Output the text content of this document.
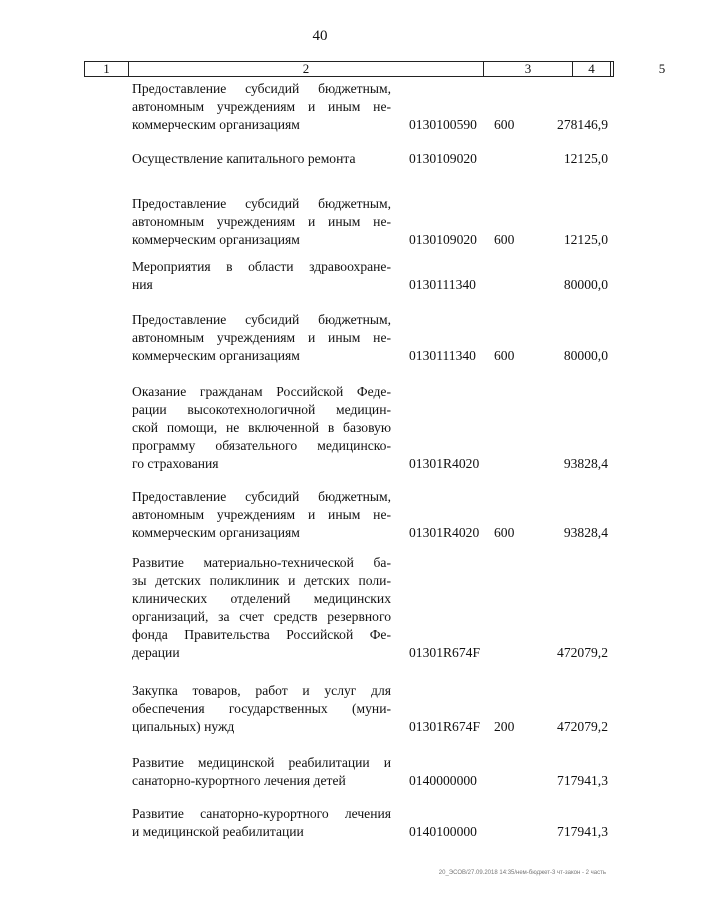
40
1	2	3	4	5
Предоставление субсидий бюджетным,
автономным учреждениям и иным не-
коммерческим организациям	0130100590 600	278146,9
Осуществление капитального ремонта	0130109020	12125,0
Предоставление субсидий бюджетным,
автономным учреждениям и иным не-
коммерческим организациям	0130109020 600	12125,0
Мероприятия в области здравоохране-
ния	0130111340	80000,0
Предоставление субсидий бюджетным,
автономным учреждениям и иным не-
коммерческим организациям	0130111340 600	80000,0
Оказание гражданам Российской Феде-
рации высокотехнологичной медицин-
ской помощи, не включенной в базовую
программу обязательного медицинско-
го страхования	01301R4020	93828,4
Предоставление субсидий бюджетным,
автономным учреждениям и иным не-
коммерческим организациям	01301R4020 600	93828,4
Развитие материально-технической ба-
зы детских поликлиник и детских поли-
клинических отделений медицинских
организаций, за счет средств резервного
фонда Правительства Российской Фе-
дерации	01301R674F	472079,2
Закупка товаров, работ и услуг для
обеспечения государственных (муни-
ципальных) нужд	01301R674F 200	472079,2
Развитие медицинской реабилитации и
санаторно-курортного лечения детей	0140000000	717941,3
Развитие санаторно-курортного лечения
и медицинской реабилитации	0140100000	717941,3
20_ЭСОВ/27.09.2018 14:35/нем-бюджет-3 чт-закон - 2 часть
